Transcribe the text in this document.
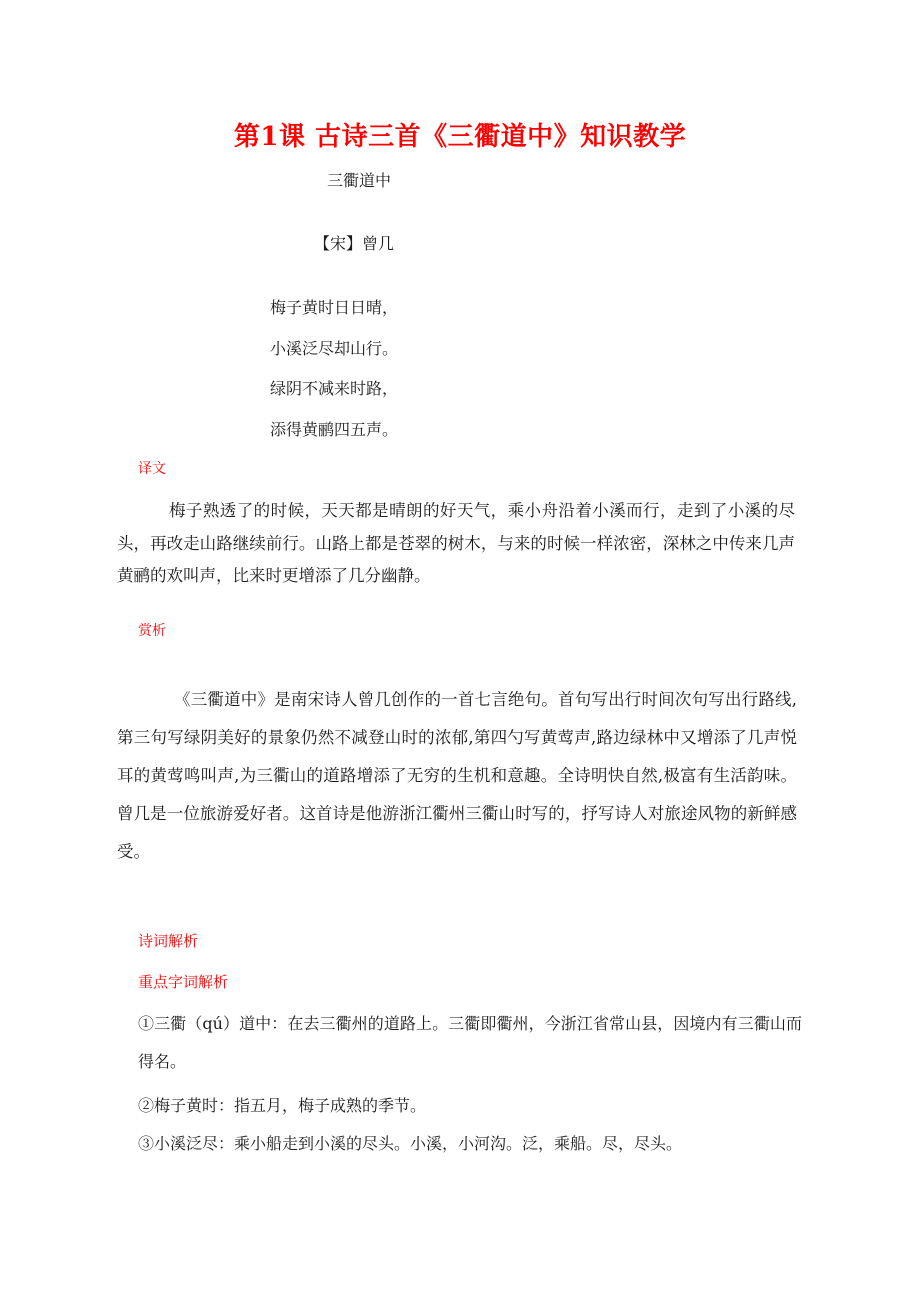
第1课 古诗三首《三衢道中》知识教学
三衢道中
【宋】曾几
梅子黄时日日晴，
小溪泛尽却山行。
绿阴不减来时路，
添得黄鹂四五声。
译文
梅子熟透了的时候，天天都是晴朗的好天气，乘小舟沿着小溪而行，走到了小溪的尽头，再改走山路继续前行。山路上都是苍翠的树木，与来的时候一样浓密，深林之中传来几声黄鹂的欢叫声，比来时更增添了几分幽静。
赏析
《三衢道中》是南宋诗人曾几创作的一首七言绝句。首句写出行时间次句写出行路线,第三句写绿阴美好的景象仍然不减登山时的浓郁,第四勺写黄莺声,路边绿林中又增添了几声悦耳的黄莺鸣叫声,为三衢山的道路增添了无穷的生机和意趣。全诗明快自然,极富有生活韵味。曾几是一位旅游爱好者。这首诗是他游浙江衢州三衢山时写的，抒写诗人对旅途风物的新鲜感受。
诗词解析
重点字词解析
①三衢（qú）道中：在去三衢州的道路上。三衢即衢州，今浙江省常山县，因境内有三衢山而得名。
②梅子黄时：指五月，梅子成熟的季节。
③小溪泛尽：乘小船走到小溪的尽头。小溪，小河沟。泛，乘船。尽，尽头。
